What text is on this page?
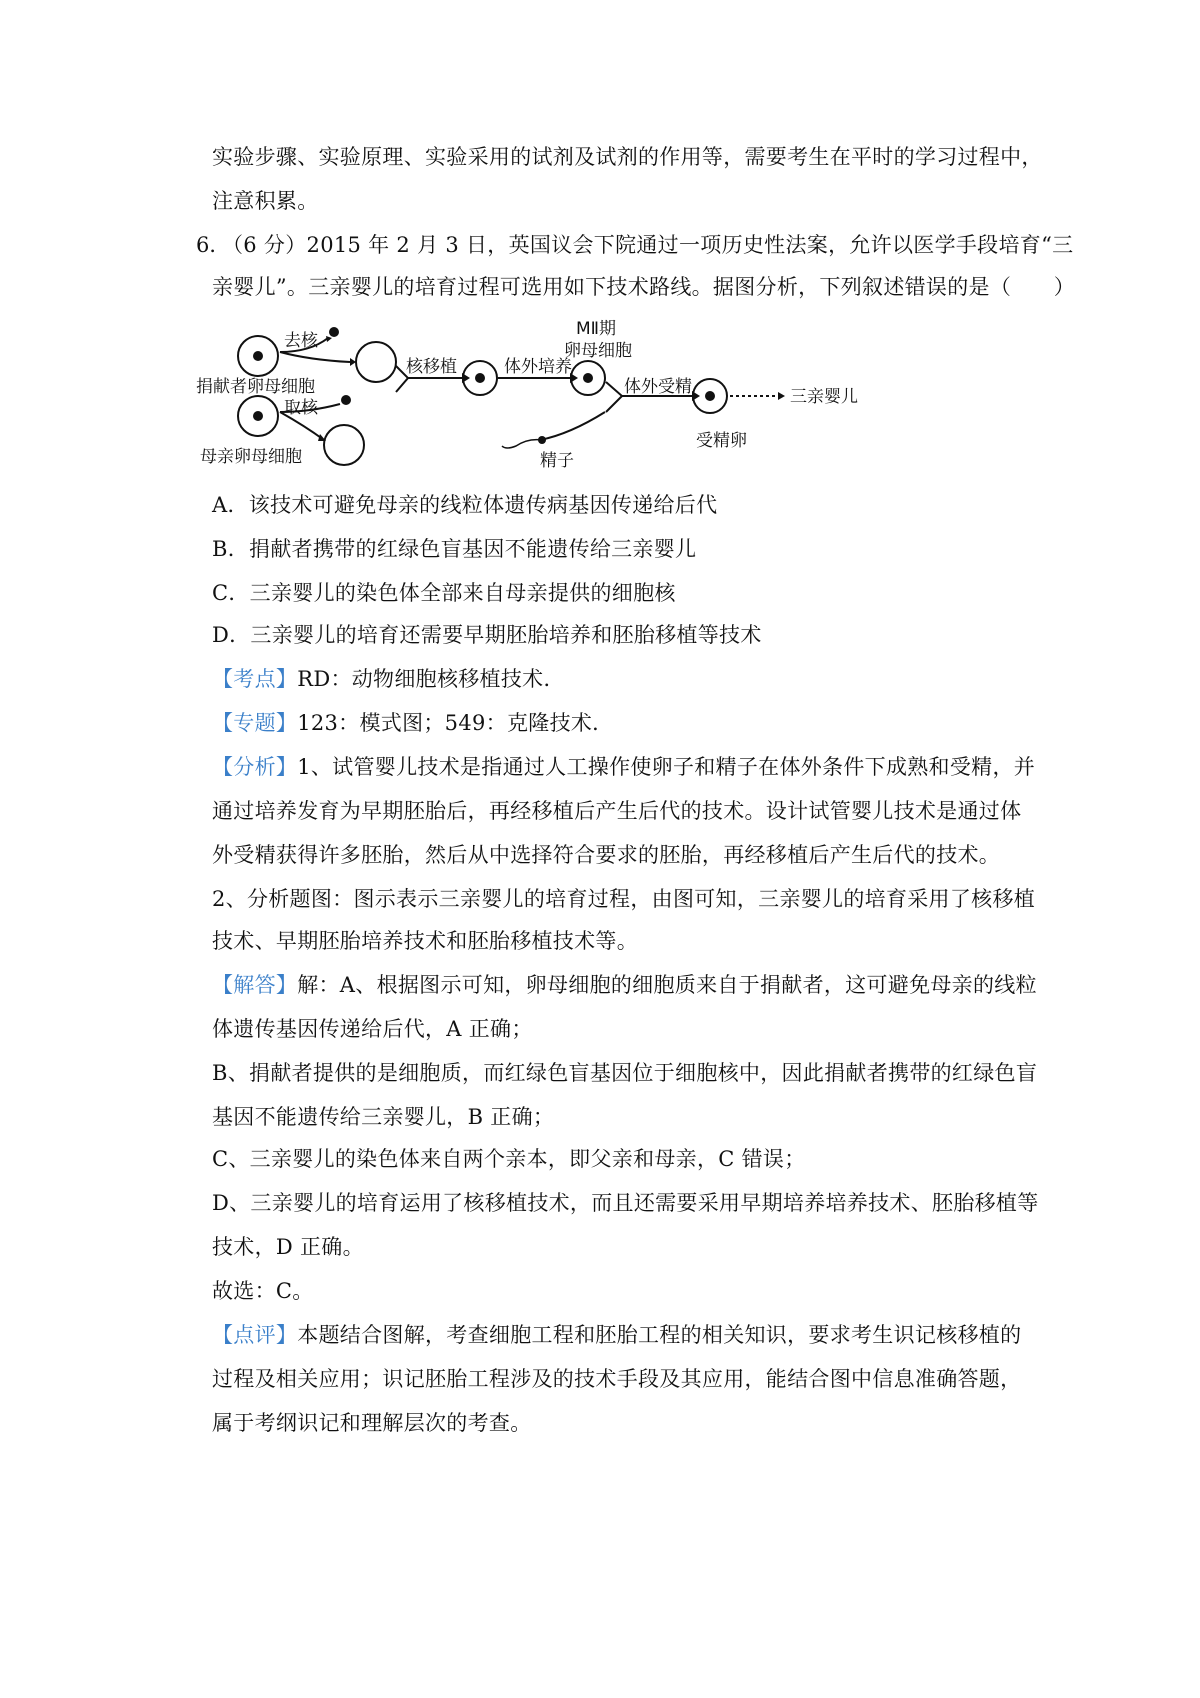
实验步骤、实验原理、实验采用的试剂及试剂的作用等，需要考生在平时的学习过程中，
注意积累。
6．
（6 分）2015 年 2 月 3 日，英国议会下院通过一项历史性法案，允许以医学手段培育“三
亲婴儿”。三亲婴儿的培育过程可选用如下技术路线。据图分析，下列叙述错误的是（　　）
去核
捐献者卵母细胞
取核
母亲卵母细胞
核移植	体外培养
MⅡ期
卵母细胞
体外受精
精子
受精卵
三亲婴儿
A．该技术可避免母亲的线粒体遗传病基因传递给后代
B．捐献者携带的红绿色盲基因不能遗传给三亲婴儿
C．三亲婴儿的染色体全部来自母亲提供的细胞核
D．三亲婴儿的培育还需要早期胚胎培养和胚胎移植等技术
【考点】RD：动物细胞核移植技术．
【专题】123：模式图；549：克隆技术．
【分析】1、试管婴儿技术是指通过人工操作使卵子和精子在体外条件下成熟和受精，并
通过培养发育为早期胚胎后，再经移植后产生后代的技术。设计试管婴儿技术是通过体
外受精获得许多胚胎，然后从中选择符合要求的胚胎，再经移植后产生后代的技术。
2、分析题图：图示表示三亲婴儿的培育过程，由图可知，三亲婴儿的培育采用了核移植
技术、早期胚胎培养技术和胚胎移植技术等。
【解答】解：A、根据图示可知，卵母细胞的细胞质来自于捐献者，这可避免母亲的线粒
体遗传基因传递给后代，A 正确；
B、捐献者提供的是细胞质，而红绿色盲基因位于细胞核中，因此捐献者携带的红绿色盲
基因不能遗传给三亲婴儿，B 正确；
C、三亲婴儿的染色体来自两个亲本，即父亲和母亲，C 错误；
D、三亲婴儿的培育运用了核移植技术，而且还需要采用早期培养培养技术、胚胎移植等
技术，D 正确。
故选：C。
【点评】本题结合图解，考查细胞工程和胚胎工程的相关知识，要求考生识记核移植的
过程及相关应用；识记胚胎工程涉及的技术手段及其应用，能结合图中信息准确答题，
属于考纲识记和理解层次的考查。
